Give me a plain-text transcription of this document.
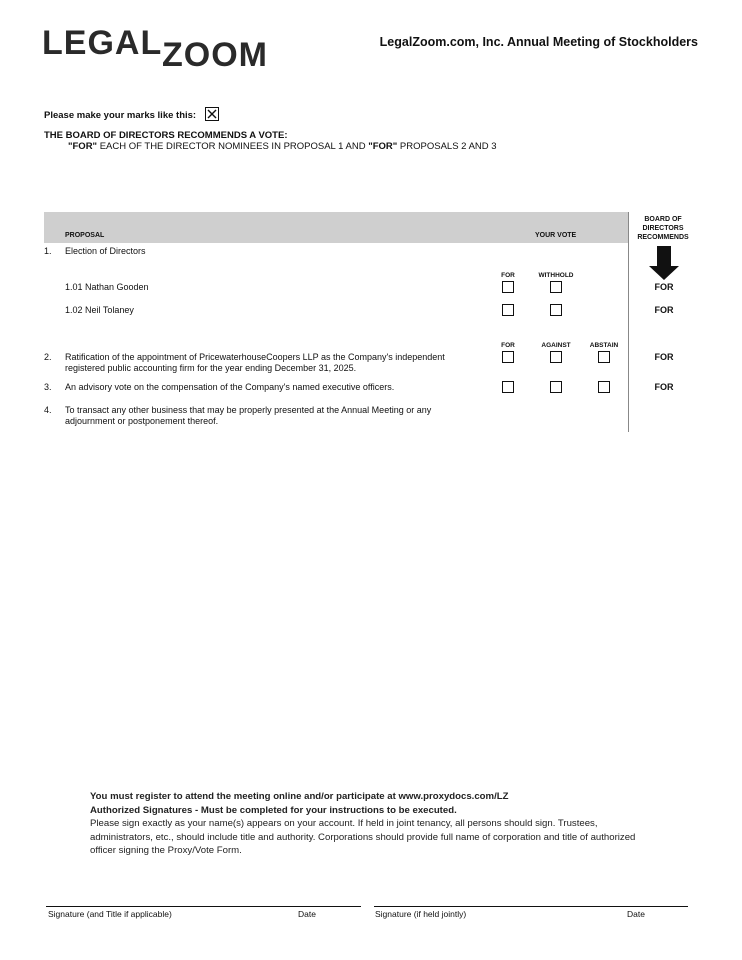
LEGAL ZOOM	LegalZoom.com, Inc. Annual Meeting of Stockholders
Please make your marks like this:
THE BOARD OF DIRECTORS RECOMMENDS A VOTE:
"FOR" EACH OF THE DIRECTOR NOMINEES IN PROPOSAL 1 AND "FOR" PROPOSALS 2 AND 3
PROPOSAL	YOUR VOTE
BOARD OF
DIRECTORS
RECOMMENDS
1. Election of Directors
FOR	WITHHOLD
1.01 Nathan Gooden	FOR
1.02 Neil Tolaney	FOR
FOR	AGAINST	ABSTAIN
2. Ratification of the appointment of PricewaterhouseCoopers LLP as the Company's independent
registered public accounting firm for the year ending December 31, 2025.
FOR
3. An advisory vote on the compensation of the Company's named executive officers.	FOR
4. To transact any other business that may be properly presented at the Annual Meeting or any
adjournment or postponement thereof.
You must register to attend the meeting online and/or participate at www.proxydocs.com/LZ
Authorized Signatures - Must be completed for your instructions to be executed.
Please sign exactly as your name(s) appears on your account. If held in joint tenancy, all persons should sign. Trustees, administrators, etc., should include title and authority. Corporations should provide full name of corporation and title of authorized officer signing the Proxy/Vote Form.
Signature (and Title if applicable)	Date	Signature (if held jointly)	Date
